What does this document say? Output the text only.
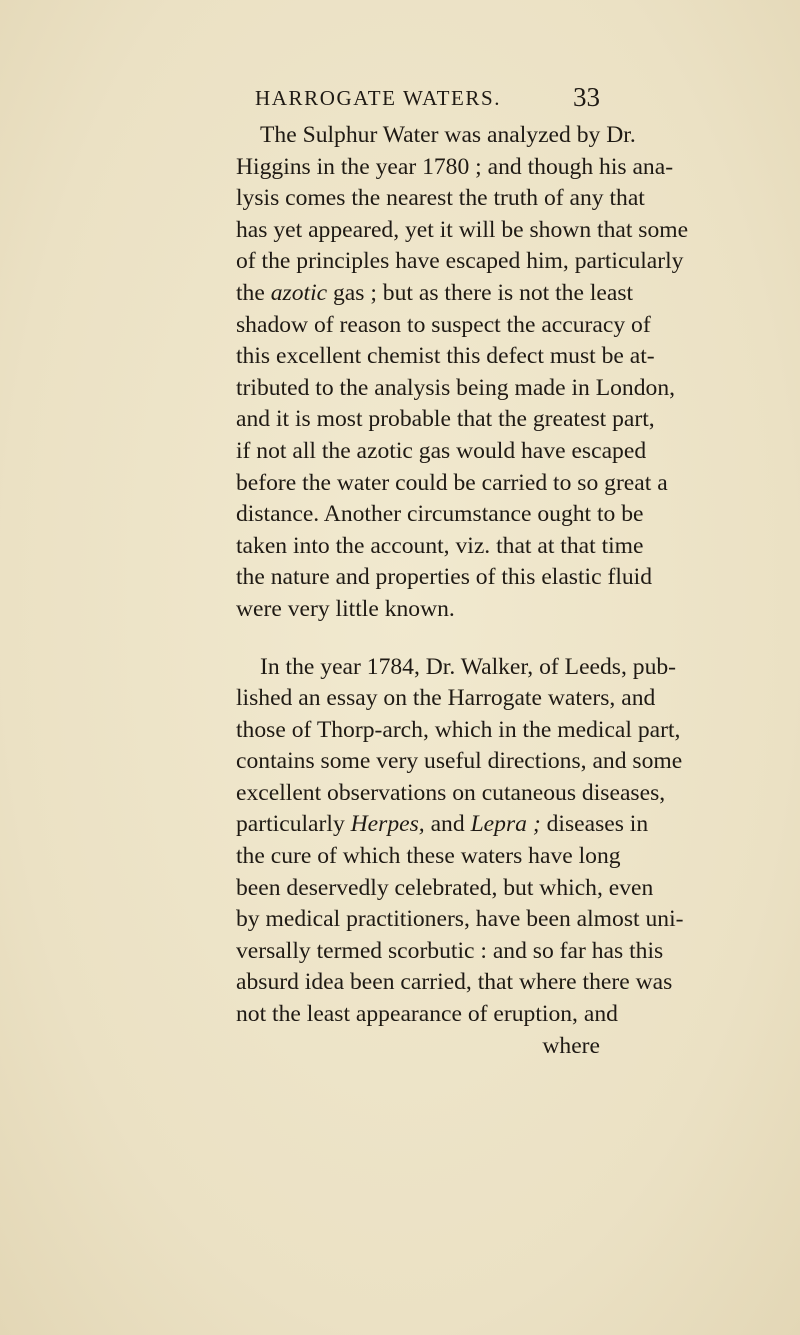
HARROGATE WATERS.	33
The Sulphur Water was analyzed by Dr.
Higgins in the year 1780 ; and though his ana-
lysis comes the nearest the truth of any that
has yet appeared, yet it will be shown that some
of the principles have escaped him, particularly
the azotic gas ; but as there is not the least
shadow of reason to suspect the accuracy of
this excellent chemist this defect must be at-
tributed to the analysis being made in London,
and it is most probable that the greatest part,
if not all the azotic gas would have escaped
before the water could be carried to so great a
distance. Another circumstance ought to be
taken into the account, viz. that at that time
the nature and properties of this elastic fluid
were very little known.
In the year 1784, Dr. Walker, of Leeds, pub-
lished an essay on the Harrogate waters, and
those of Thorp-arch, which in the medical part,
contains some very useful directions, and some
excellent observations on cutaneous diseases,
particularly Herpes, and Lepra ; diseases in
the cure of which these waters have long
been deservedly celebrated, but which, even
by medical practitioners, have been almost uni-
versally termed scorbutic : and so far has this
absurd idea been carried, that where there was
not the least appearance of eruption, and
where
